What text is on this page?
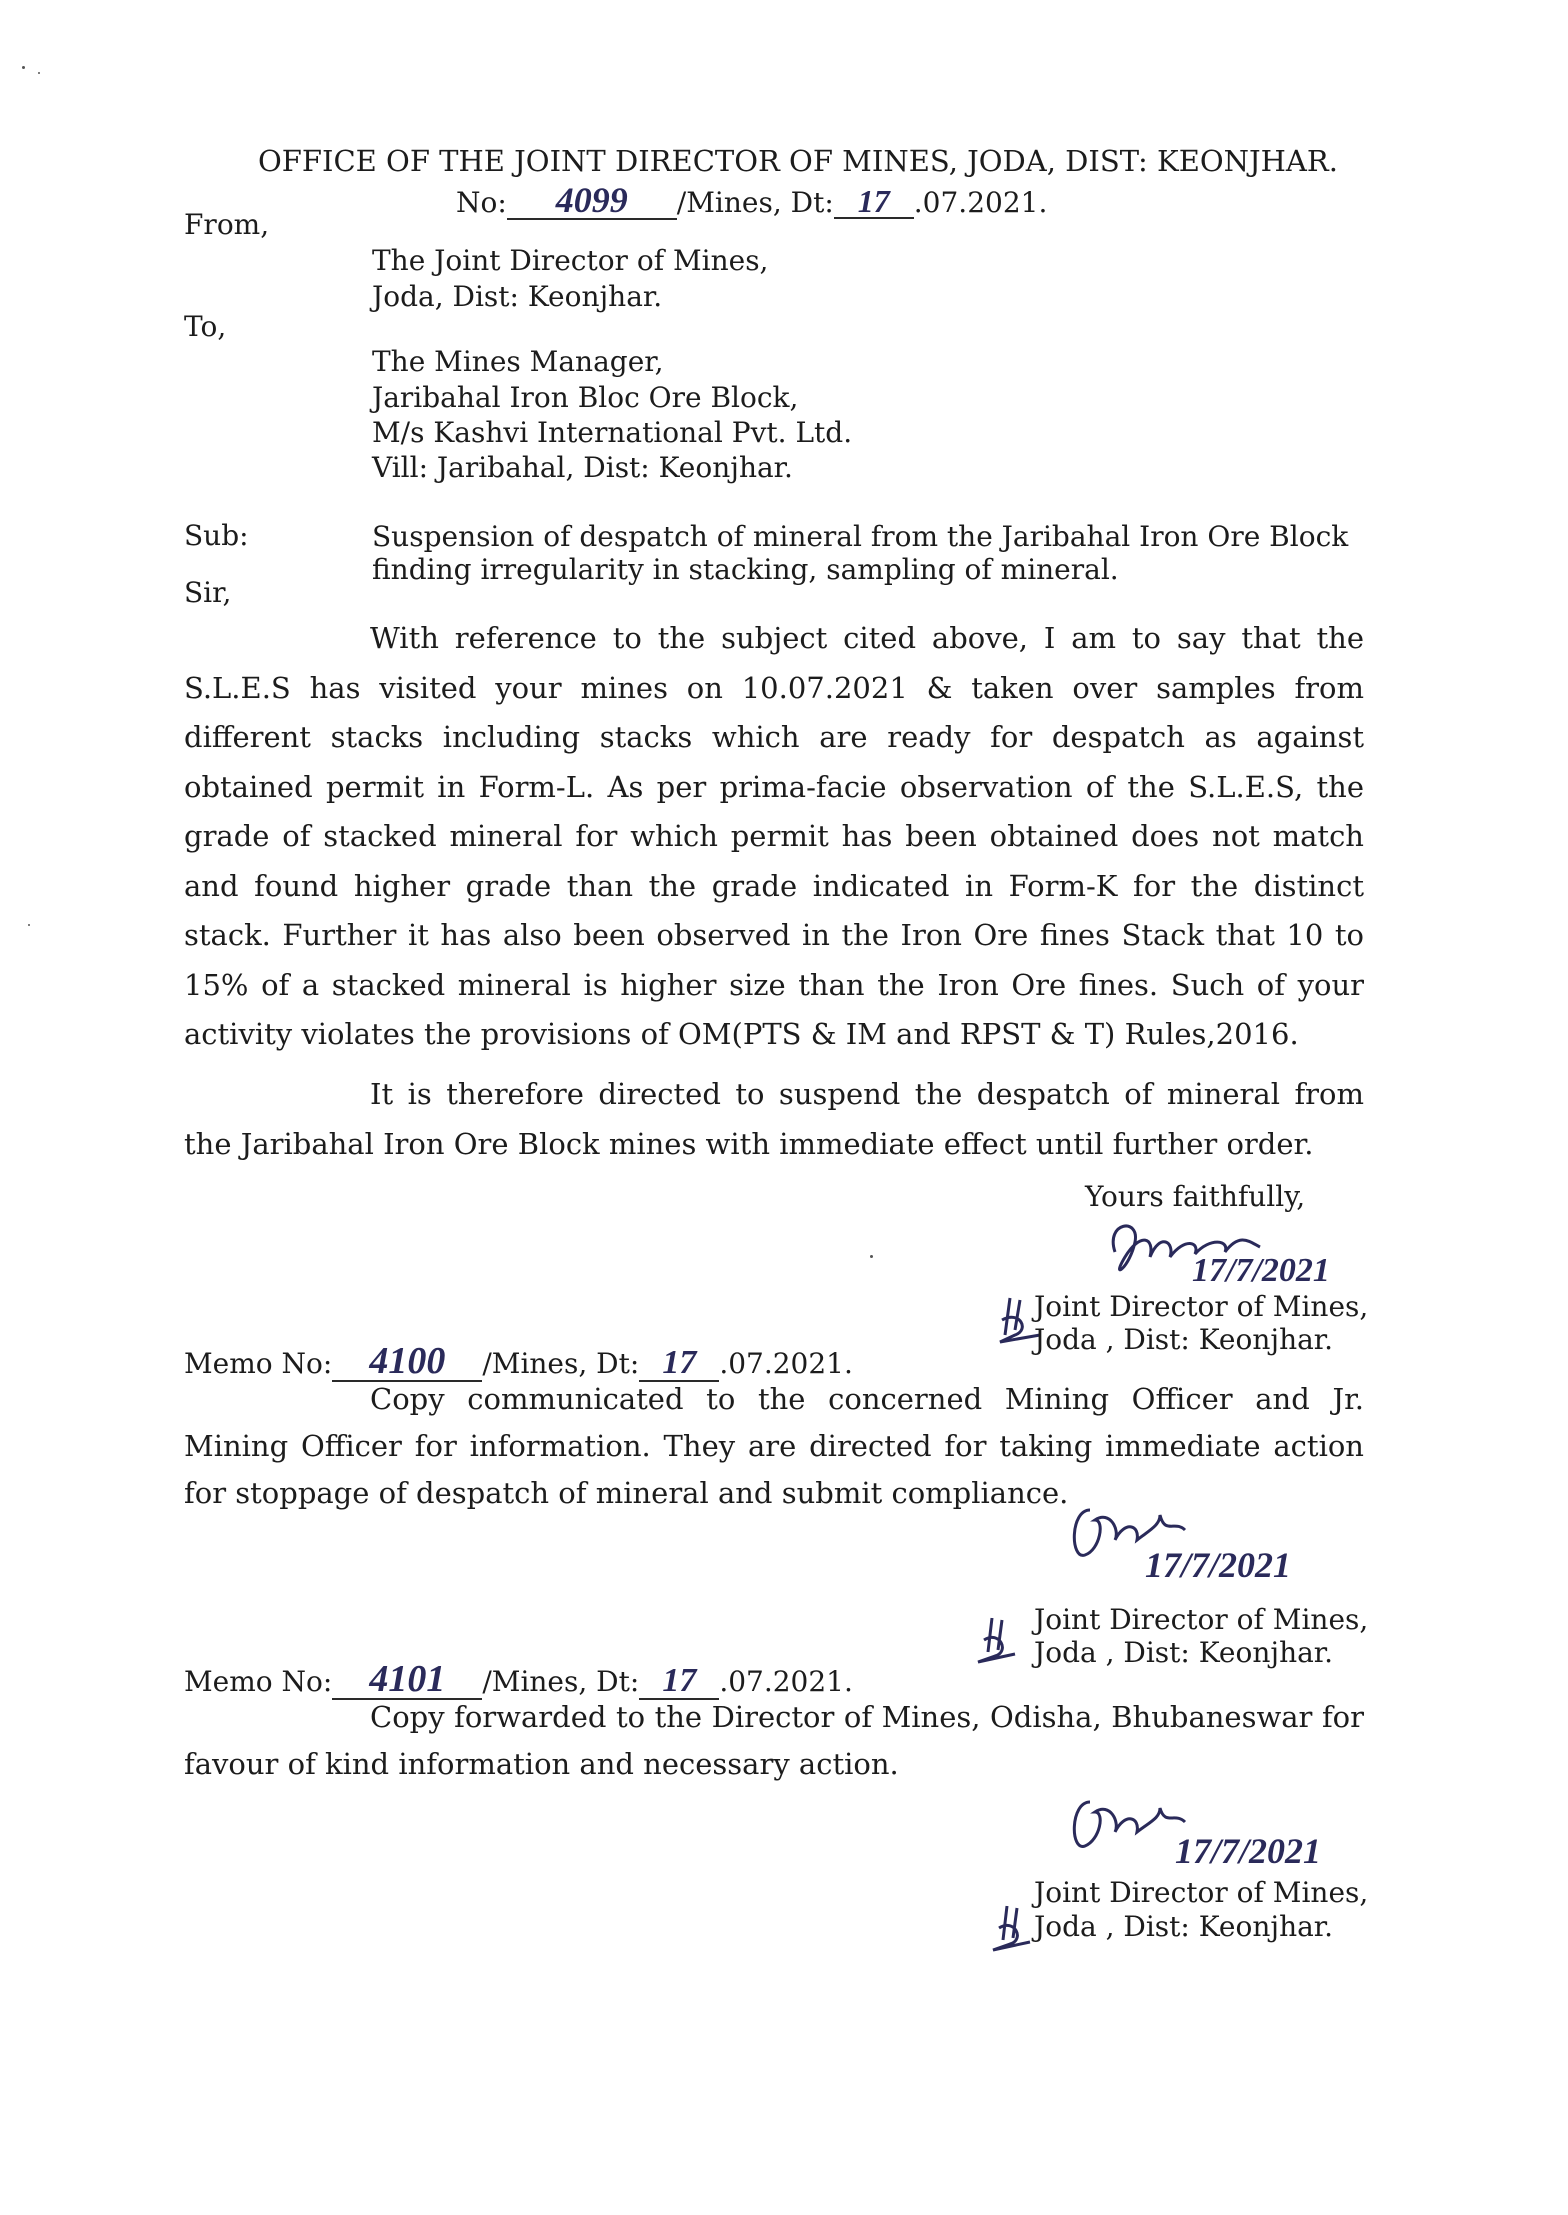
OFFICE OF THE JOINT DIRECTOR OF MINES, JODA, DIST: KEONJHAR.
No: 4099 /Mines, Dt: 17 .07.2021.
From,
The Joint Director of Mines,
Joda, Dist: Keonjhar.
To,
The Mines Manager,
Jaribahal Iron Bloc Ore Block,
M/s Kashvi International Pvt. Ltd.
Vill: Jaribahal, Dist: Keonjhar.
Sub:	Suspension of despatch of mineral from the Jaribahal Iron Ore Block
finding irregularity in stacking, sampling of mineral.
Sir,
With reference to the subject cited above, I am to say that the S.L.E.S has visited your mines on 10.07.2021 & taken over samples from different stacks including stacks which are ready for despatch as against obtained permit in Form-L. As per prima-facie observation of the S.L.E.S, the grade of stacked mineral for which permit has been obtained does not match and found higher grade than the grade indicated in Form-K for the distinct stack. Further it has also been observed in the Iron Ore fines Stack that 10 to 15% of a stacked mineral is higher size than the Iron Ore fines. Such of your activity violates the provisions of OM(PTS & IM and RPST & T) Rules,2016.
It is therefore directed to suspend the despatch of mineral from the Jaribahal Iron Ore Block mines with immediate effect until further order.
Yours faithfully,
17/7/2021
Joint Director of Mines,
Joda , Dist: Keonjhar.
Memo No: 4100 /Mines, Dt: 17 .07.2021.
Copy communicated to the concerned Mining Officer and Jr. Mining Officer for information. They are directed for taking immediate action for stoppage of despatch of mineral and submit compliance.
17/7/2021
Joint Director of Mines,
Joda , Dist: Keonjhar.
Memo No: 4101 /Mines, Dt: 17 .07.2021.
Copy forwarded to the Director of Mines, Odisha, Bhubaneswar for favour of kind information and necessary action.
17/7/2021
Joint Director of Mines,
Joda , Dist: Keonjhar.
